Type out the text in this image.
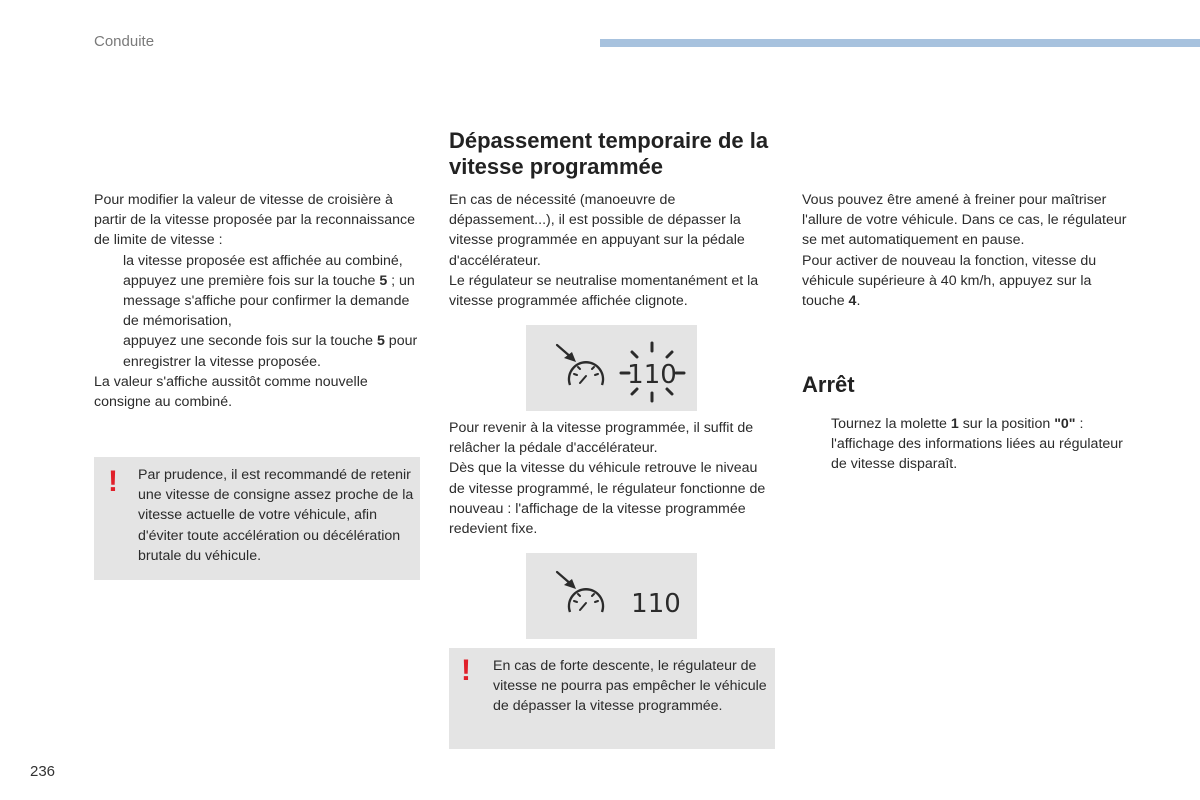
Conduite

Pour modifier la valeur de vitesse de croisière à partir de la vitesse proposée par la reconnaissance de limite de vitesse :

la vitesse proposée est affichée au combiné,
appuyez une première fois sur la touche 5 ; un message s'affiche pour confirmer la demande de mémorisation,
appuyez une seconde fois sur la touche 5 pour enregistrer la vitesse proposée.

La valeur s'affiche aussitôt comme nouvelle consigne au combiné.

! Par prudence, il est recommandé de retenir une vitesse de consigne assez proche de la vitesse actuelle de votre véhicule, afin d'éviter toute accélération ou décélération brutale du véhicule.
Dépassement temporaire de la vitesse programmée

En cas de nécessité (manoeuvre de dépassement...), il est possible de dépasser la vitesse programmée en appuyant sur la pédale d'accélérateur.

Le régulateur se neutralise momentanément et la vitesse programmée affichée clignote.

110

Pour revenir à la vitesse programmée, il suffit de relâcher la pédale d'accélérateur.

Dès que la vitesse du véhicule retrouve le niveau de vitesse programmé, le régulateur fonctionne de nouveau : l'affichage de la vitesse programmée redevient fixe.

110
! En cas de forte descente, le régulateur de vitesse ne pourra pas empêcher le véhicule de dépasser la vitesse programmée.

Vous pouvez être amené à freiner pour maîtriser l'allure de votre véhicule. Dans ce cas, le régulateur se met automatiquement en pause.

Pour activer de nouveau la fonction, vitesse du véhicule supérieure à 40 km/h, appuyez sur la touche 4.

Arrêt
Tournez la molette 1 sur la position "0" : l'affichage des informations liées au régulateur de vitesse disparaît.
236
